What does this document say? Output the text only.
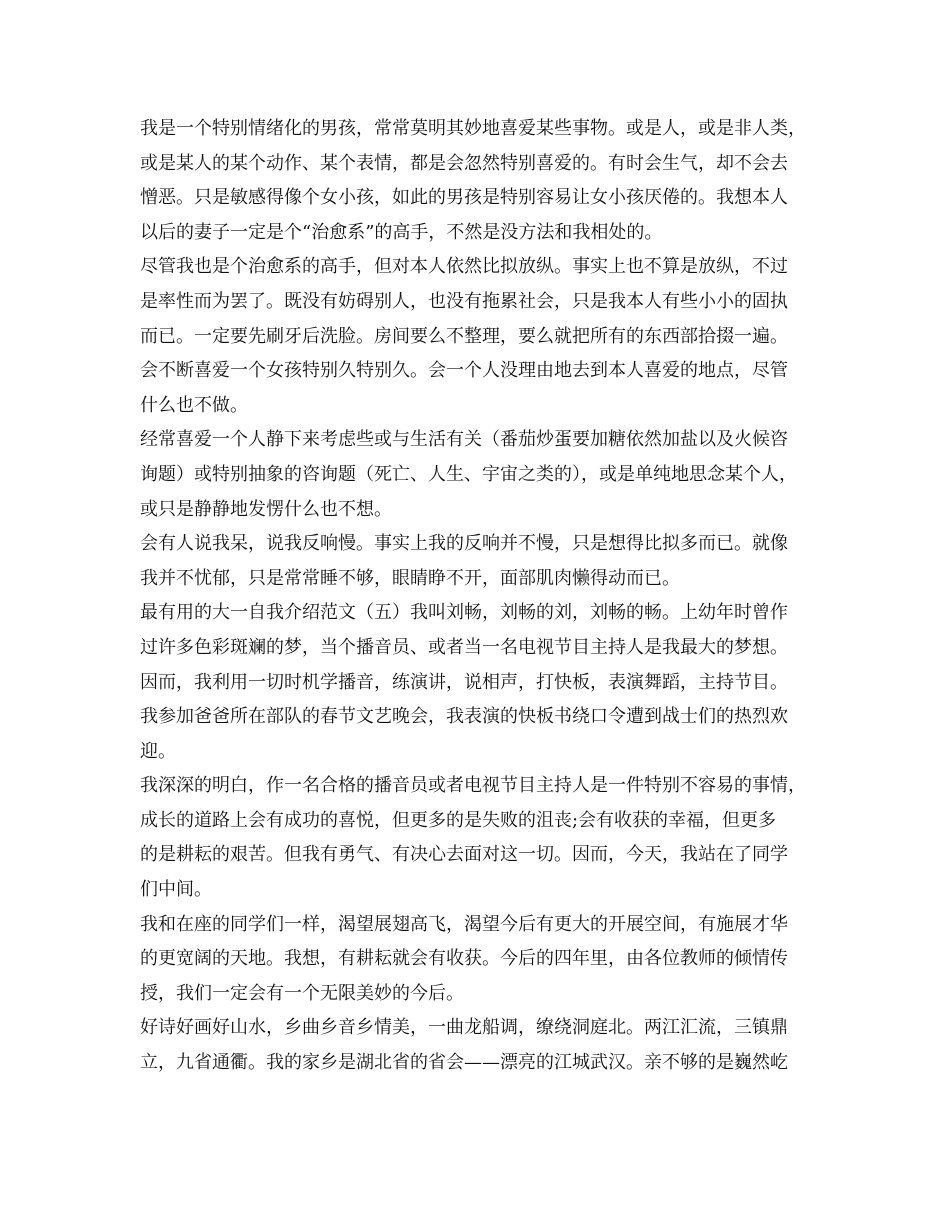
我是一个特别情绪化的男孩，常常莫明其妙地喜爱某些事物。或是人，或是非人类，
或是某人的某个动作、某个表情，都是会忽然特别喜爱的。有时会生气，却不会去
憎恶。只是敏感得像个女小孩，如此的男孩是特别容易让女小孩厌倦的。我想本人
以后的妻子一定是个“治愈系”的高手，不然是没方法和我相处的。
尽管我也是个治愈系的高手，但对本人依然比拟放纵。事实上也不算是放纵，不过
是率性而为罢了。既没有妨碍别人，也没有拖累社会，只是我本人有些小小的固执
而已。一定要先刷牙后洗脸。房间要么不整理，要么就把所有的东西部拾掇一遍。
会不断喜爱一个女孩特别久特别久。会一个人没理由地去到本人喜爱的地点，尽管
什么也不做。
经常喜爱一个人静下来考虑些或与生活有关（番茄炒蛋要加糖依然加盐以及火候咨
询题）或特别抽象的咨询题（死亡、人生、宇宙之类的），或是单纯地思念某个人，
或只是静静地发愣什么也不想。
会有人说我呆，说我反响慢。事实上我的反响并不慢，只是想得比拟多而已。就像
我并不忧郁，只是常常睡不够，眼睛睁不开，面部肌肉懒得动而已。
最有用的大一自我介绍范文（五）我叫刘畅，刘畅的刘，刘畅的畅。上幼年时曾作
过许多色彩斑斓的梦，当个播音员、或者当一名电视节目主持人是我最大的梦想。
因而，我利用一切时机学播音，练演讲，说相声，打快板，表演舞蹈，主持节目。
我参加爸爸所在部队的春节文艺晚会，我表演的快板书绕口令遭到战士们的热烈欢
迎。
我深深的明白，作一名合格的播音员或者电视节目主持人是一件特别不容易的事情，
成长的道路上会有成功的喜悦，但更多的是失败的沮丧;会有收获的幸福，但更多
的是耕耘的艰苦。但我有勇气、有决心去面对这一切。因而，今天，我站在了同学
们中间。
我和在座的同学们一样，渴望展翅高飞，渴望今后有更大的开展空间，有施展才华
的更宽阔的天地。我想，有耕耘就会有收获。今后的四年里，由各位教师的倾情传
授，我们一定会有一个无限美妙的今后。
好诗好画好山水，乡曲乡音乡情美，一曲龙船调，缭绕洞庭北。两江汇流，三镇鼎
立，九省通衢。我的家乡是湖北省的省会——漂亮的江城武汉。亲不够的是巍然屹
